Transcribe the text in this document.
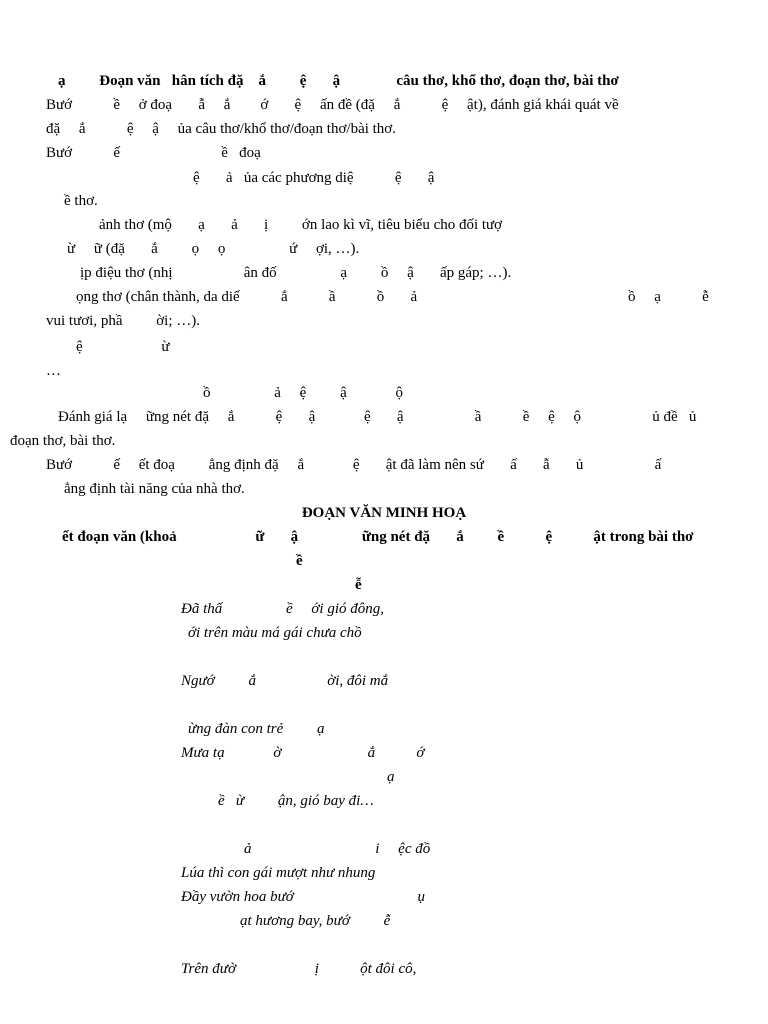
ạ         Đoạn văn   hân tích đặ    ắ         ệ       ậ               câu thơ, khổ thơ, đoạn thơ, bài thơ
Bướ           ề     ở đoạ       ẫ     ắ        ớ       ệ     ấn đề (đặ     ắ           ệ     ật), đánh giá khái quát về
đặ     ắ           ệ     ậ     ủa câu thơ/khổ thơ/đoạn thơ/bài thơ.
Bướ           ế                           ề   đoạ
ệ       ả   ủa các phương diệ           ệ       ậ
ề thơ.
ảnh thơ (mộ       ạ       ả       ị         ớn lao kì vĩ, tiêu biểu cho đối tượ
ừ     ữ (đặ       ắ         ọ     ọ                 ứ     ợi, …).
ịp điệu thơ (nhị                   ân đố                 ạ         ồ     ậ       ấp gáp; …).
ọng thơ (chân thành, da diế           ắ           ầ           ồ       ả	ồ     ạ           ễ
vui tươi, phầ         ời; …).
ệ                     ừ
…
ồ                 ả     ệ         ậ             ộ
Đánh giá lạ     ững nét đặ     ắ           ệ       ậ             ệ       ậ                   ầ           ề     ệ     ộ                   ủ đề   ủ
đoạn thơ, bài thơ.
Bướ           ế     ết đoạ         ẳng định đặ     ắ             ệ       ật đã làm nên sứ       ấ       ẫ       ủ                   ấ
ẳng định tài năng của nhà thơ.
ĐOẠN VĂN MINH HOẠ
ết đoạn văn (khoả                     ữ       ậ                 ững nét đặ       ắ         ề           ệ           ật trong bài thơ
ề
ễ
Đã thấ                 ề     ới gió đông,
ới trên màu má gái chưa chồ
Ngướ         ắ                   ời, đôi mắ
ừng đàn con trẻ         ạ
Mưa tạ             ờ                       ắ           ớ
ạ
ề   ừ         ận, gió bay đi…
ả                                 i     ệc đồ
Lúa thì con gái mượt như nhung
Đầy vườn hoa bướ                                 ụ
ạt hương bay, bướ         ễ
Trên đườ                     ị           ột đôi cô,
